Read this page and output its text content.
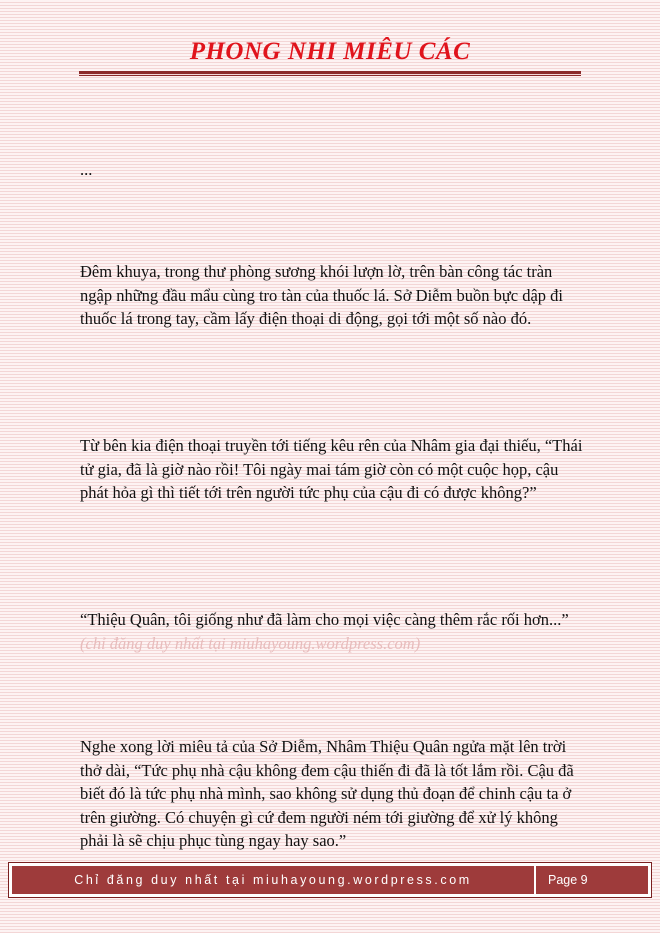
PHONG NHI MIÊU CÁC

...

Đêm khuya, trong thư phòng sương khói lượn lờ, trên bàn công tác tràn ngập những đầu mẩu cùng tro tàn của thuốc lá. Sở Diễm buồn bực dập đi thuốc lá trong tay, cầm lấy điện thoại di động, gọi tới một số nào đó.

Từ bên kia điện thoại truyền tới tiếng kêu rên của Nhâm gia đại thiếu, “Thái tử gia, đã là giờ nào rồi! Tôi ngày mai tám giờ còn có một cuộc họp, cậu phát hỏa gì thì tiết tới trên người tức phụ của cậu đi có được không?”

“Thiệu Quân, tôi giống như đã làm cho mọi việc càng thêm rắc rối hơn...” (chỉ đăng duy nhất tại miuhayoung.wordpress.com)

Nghe xong lời miêu tả của Sở Diễm, Nhâm Thiệu Quân ngửa mặt lên trời thở dài, “Tức phụ nhà cậu không đem cậu thiến đi đã là tốt lắm rồi. Cậu đã biết đó là tức phụ nhà mình, sao không sử dụng thủ đoạn để chinh cậu ta ở trên giường. Có chuyện gì cứ đem người ném tới giường để xử lý không phải là sẽ chịu phục tùng ngay hay sao.”

Chỉ đăng duy nhất tại miuhayoung.wordpress.com	Page 9
